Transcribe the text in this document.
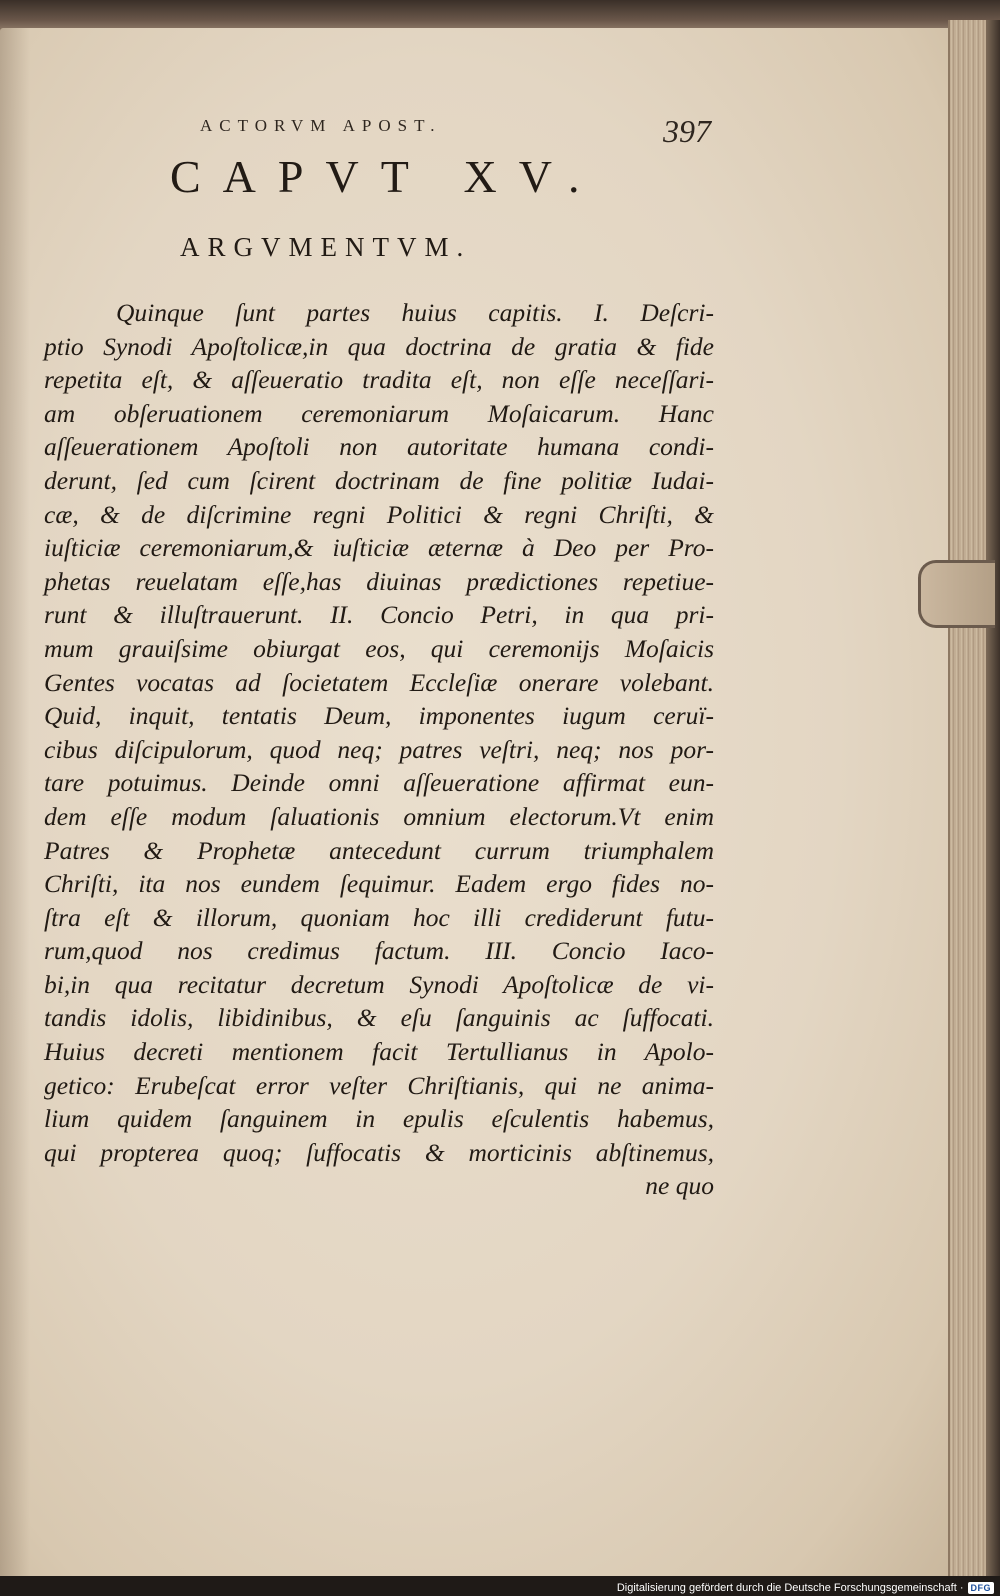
ACTORVM APOST.	397
CAPVT XV.
ARGVMENTVM.
Quinque ſunt partes huius capitis. I. Deſcri-
ptio Synodi Apoſtolicæ,in qua doctrina de gratia & fide
repetita eſt, & aſſeueratio tradita eſt, non eſſe neceſſari-
am obſeruationem ceremoniarum Moſaicarum. Hanc
aſſeuerationem Apoſtoli non autoritate humana condi-
derunt, ſed cum ſcirent doctrinam de fine politiæ Iudai-
cæ, & de diſcrimine regni Politici & regni Chriſti, &
iuſticiæ ceremoniarum,& iuſticiæ æternæ à Deo per Pro-
phetas reuelatam eſſe,has diuinas prædictiones repetiue-
runt & illuſtrauerunt. II. Concio Petri, in qua pri-
mum grauiſsime obiurgat eos, qui ceremonijs Moſaicis
Gentes vocatas ad ſocietatem Eccleſiæ onerare volebant.
Quid, inquit, tentatis Deum, imponentes iugum ceruï-
cibus diſcipulorum, quod neq; patres veſtri, neq; nos por-
tare potuimus. Deinde omni aſſeueratione affirmat eun-
dem eſſe modum ſaluationis omnium electorum.Vt enim
Patres & Prophetæ antecedunt currum triumphalem
Chriſti, ita nos eundem ſequimur. Eadem ergo fides no-
ſtra eſt & illorum, quoniam hoc illi crediderunt futu-
rum,quod nos credimus factum. III. Concio Iaco-
bi,in qua recitatur decretum Synodi Apoſtolicæ de vi-
tandis idolis, libidinibus, & eſu ſanguinis ac ſuffocati.
Huius decreti mentionem facit Tertullianus in Apolo-
getico: Erubeſcat error veſter Chriſtianis, qui ne anima-
lium quidem ſanguinem in epulis eſculentis habemus,
qui propterea quoq; ſuffocatis & morticinis abſtinemus,
ne quo
Digitalisierung gefördert durch die Deutsche Forschungsgemeinschaft · DFG
